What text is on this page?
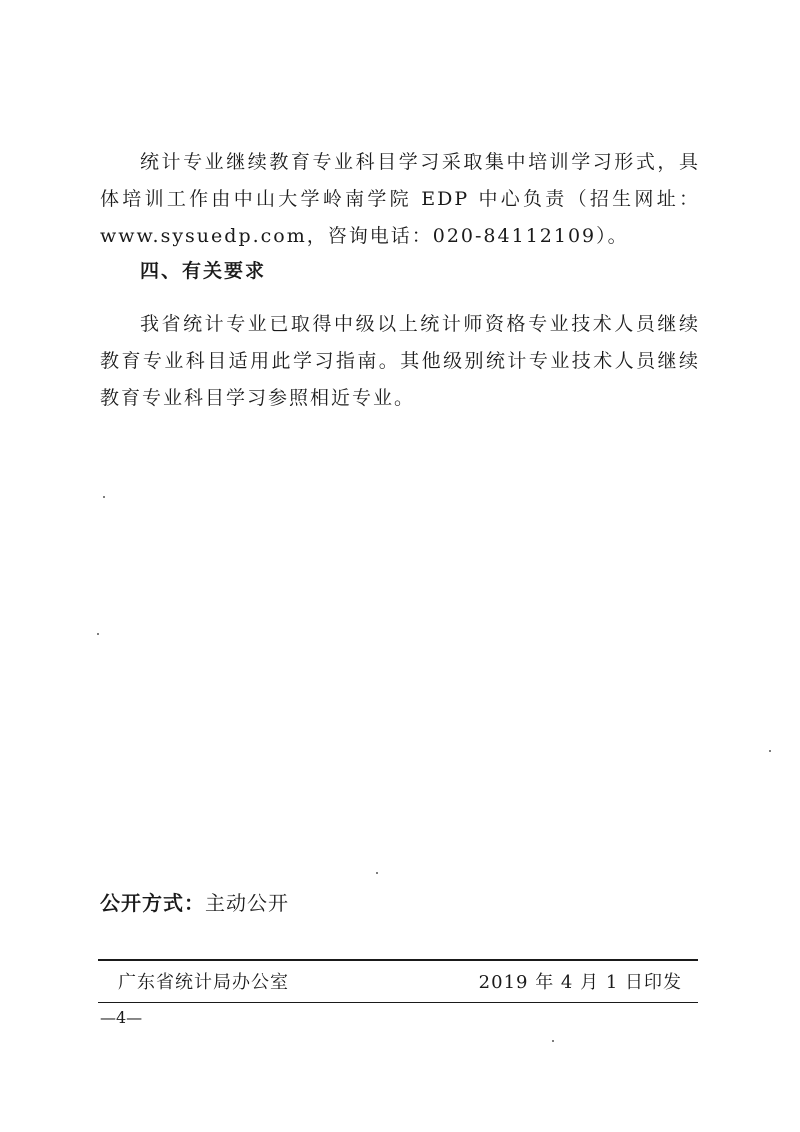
统计专业继续教育专业科目学习采取集中培训学习形式，具体培训工作由中山大学岭南学院 EDP 中心负责（招生网址：www.sysuedp.com，咨询电话：020-84112109）。

四、有关要求

我省统计专业已取得中级以上统计师资格专业技术人员继续教育专业科目适用此学习指南。其他级别统计专业技术人员继续教育专业科目学习参照相近专业。

公开方式：主动公开
广东省统计局办公室	2019 年 4 月 1 日印发
—4—
